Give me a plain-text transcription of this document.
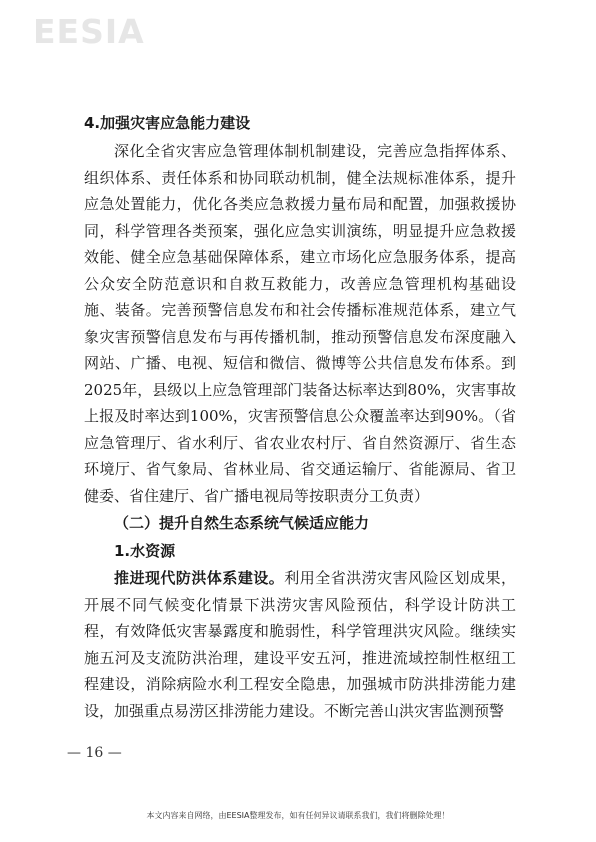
EESIA
4.加强灾害应急能力建设
深化全省灾害应急管理体制机制建设，完善应急指挥体系、组织体系、责任体系和协同联动机制，健全法规标准体系，提升应急处置能力，优化各类应急救援力量布局和配置，加强救援协同，科学管理各类预案，强化应急实训演练，明显提升应急救援效能、健全应急基础保障体系，建立市场化应急服务体系，提高公众安全防范意识和自救互救能力，改善应急管理机构基础设施、装备。完善预警信息发布和社会传播标准规范体系，建立气象灾害预警信息发布与再传播机制，推动预警信息发布深度融入网站、广播、电视、短信和微信、微博等公共信息发布体系。到2025年，县级以上应急管理部门装备达标率达到80%，灾害事故上报及时率达到100%，灾害预警信息公众覆盖率达到90%。（省应急管理厅、省水利厅、省农业农村厅、省自然资源厅、省生态环境厅、省气象局、省林业局、省交通运输厅、省能源局、省卫健委、省住建厅、省广播电视局等按职责分工负责）
（二）提升自然生态系统气候适应能力
1.水资源
推进现代防洪体系建设。利用全省洪涝灾害风险区划成果，开展不同气候变化情景下洪涝灾害风险预估，科学设计防洪工程，有效降低灾害暴露度和脆弱性，科学管理洪灾风险。继续实施五河及支流防洪治理，建设平安五河，推进流域控制性枢纽工程建设，消除病险水利工程安全隐患，加强城市防洪排涝能力建设，加强重点易涝区排涝能力建设。不断完善山洪灾害监测预警
— 16 —
本文内容来自网络，由EESIA整理发布，如有任何异议请联系我们，我们将删除处理！
